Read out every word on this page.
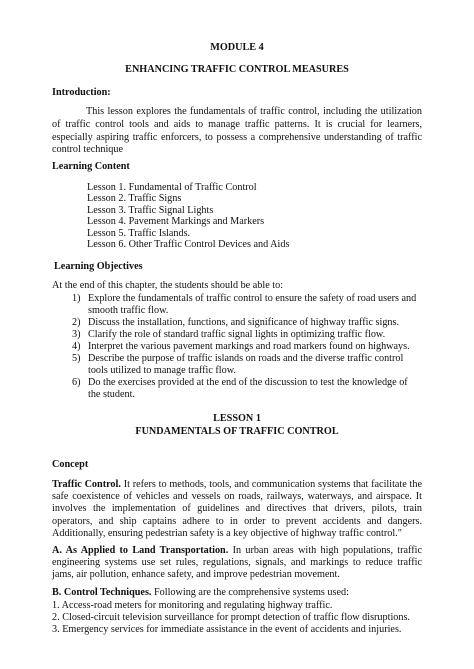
MODULE 4
ENHANCING TRAFFIC CONTROL MEASURES
Introduction:
This lesson explores the fundamentals of traffic control, including the utilization of traffic control tools and aids to manage traffic patterns. It is crucial for learners, especially aspiring traffic enforcers, to possess a comprehensive understanding of traffic control technique
Learning Content
Lesson 1. Fundamental of Traffic Control
Lesson 2. Traffic Signs
Lesson 3. Traffic Signal Lights
Lesson 4. Pavement Markings and Markers
Lesson 5. Traffic Islands.
Lesson 6. Other Traffic Control Devices and Aids
Learning Objectives
At the end of this chapter, the students should be able to:
1) Explore the fundamentals of traffic control to ensure the safety of road users and smooth traffic flow.
2) Discuss the installation, functions, and significance of highway traffic signs.
3) Clarify the role of standard traffic signal lights in optimizing traffic flow.
4) Interpret the various pavement markings and road markers found on highways.
5) Describe the purpose of traffic islands on roads and the diverse traffic control tools utilized to manage traffic flow.
6) Do the exercises provided at the end of the discussion to test the knowledge of the student.
LESSON 1
FUNDAMENTALS OF TRAFFIC CONTROL
Concept
Traffic Control. It refers to methods, tools, and communication systems that facilitate the safe coexistence of vehicles and vessels on roads, railways, waterways, and airspace. It involves the implementation of guidelines and directives that drivers, pilots, train operators, and ship captains adhere to in order to prevent accidents and dangers. Additionally, ensuring pedestrian safety is a key objective of highway traffic control."
A. As Applied to Land Transportation. In urban areas with high populations, traffic engineering systems use set rules, regulations, signals, and markings to reduce traffic jams, air pollution, enhance safety, and improve pedestrian movement.
B. Control Techniques. Following are the comprehensive systems used:
1. Access-road meters for monitoring and regulating highway traffic.
2. Closed-circuit television surveillance for prompt detection of traffic flow disruptions.
3. Emergency services for immediate assistance in the event of accidents and injuries.
